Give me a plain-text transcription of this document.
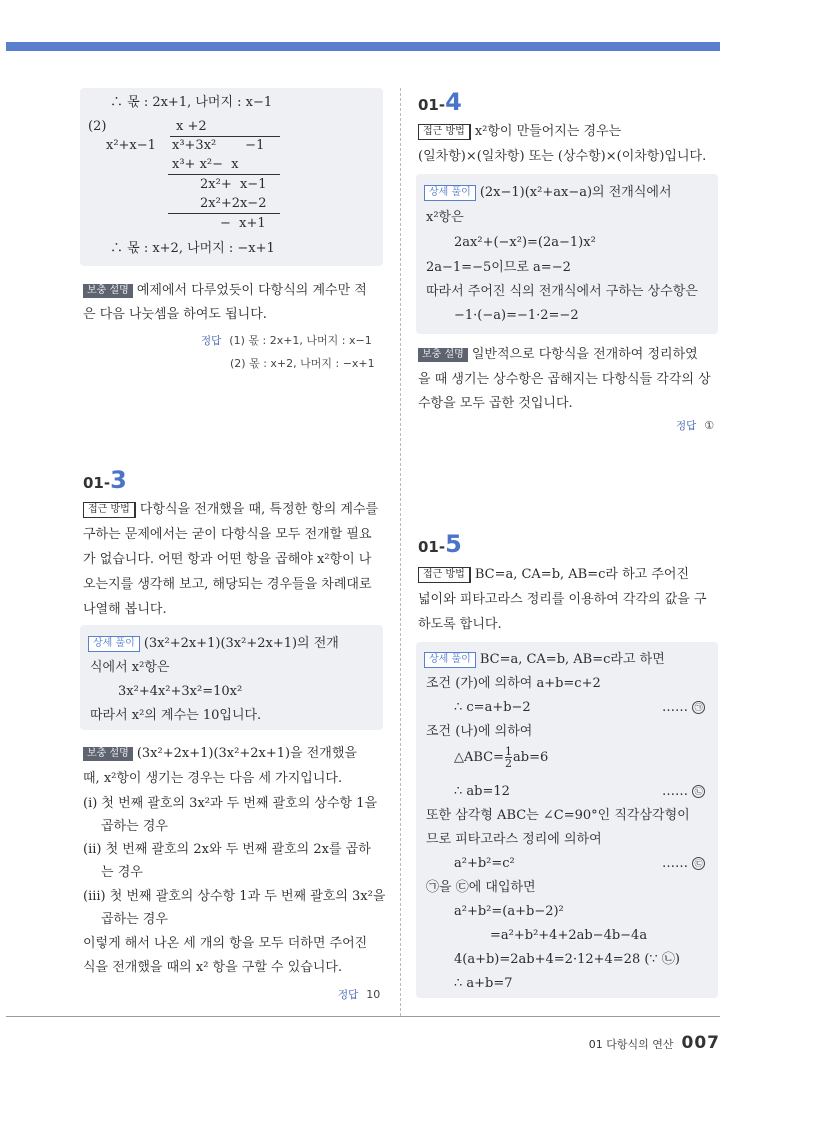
∴ 몫 : 2x+1, 나머지 : x−1
(2)	x +2
x²+x−1 x³+3x²       −1
x³+ x²−  x
2x²+  x−1
2x²+2x−2
−  x+1
∴ 몫 : x+2, 나머지 : −x+1
보충 설명 예제에서 다루었듯이 다항식의 계수만 적
은 다음 나눗셈을 하여도 됩니다.
정답 (1) 몫 : 2x+1, 나머지 : x−1
(2) 몫 : x+2, 나머지 : −x+1
01-3
접근 방법 다항식을 전개했을 때, 특정한 항의 계수를
구하는 문제에서는 굳이 다항식을 모두 전개할 필요
가 없습니다. 어떤 항과 어떤 항을 곱해야 x²항이 나
오는지를 생각해 보고, 해당되는 경우들을 차례대로
나열해 봅니다.
상세 풀이 (3x²+2x+1)(3x²+2x+1)의 전개
식에서 x²항은
3x²+4x²+3x²=10x²
따라서 x²의 계수는 10입니다.
보충 설명 (3x²+2x+1)(3x²+2x+1)을 전개했을
때, x²항이 생기는 경우는 다음 세 가지입니다.
(i) 첫 번째 괄호의 3x²과 두 번째 괄호의 상수항 1을
곱하는 경우
(ii) 첫 번째 괄호의 2x와 두 번째 괄호의 2x를 곱하
는 경우
(iii) 첫 번째 괄호의 상수항 1과 두 번째 괄호의 3x²을
곱하는 경우
이렇게 해서 나온 세 개의 항을 모두 더하면 주어진
식을 전개했을 때의 x² 항을 구할 수 있습니다.
정답 10
01-4
접근 방법 x²항이 만들어지는 경우는
(일차항)×(일차항) 또는 (상수항)×(이차항)입니다.
상세 풀이 (2x−1)(x²+ax−a)의 전개식에서
x²항은
2ax²+(−x²)=(2a−1)x²
2a−1=−5이므로 a=−2
따라서 주어진 식의 전개식에서 구하는 상수항은
−1·(−a)=−1·2=−2
보충 설명 일반적으로 다항식을 전개하여 정리하였
을 때 생기는 상수항은 곱해지는 다항식들 각각의 상
수항을 모두 곱한 것입니다.
정답 ①
01-5
접근 방법 BC=a, CA=b, AB=c라 하고 주어진
넓이와 피타고라스 정리를 이용하여 각각의 값을 구
하도록 합니다.
상세 풀이 BC=a, CA=b, AB=c라고 하면
조건 (가)에 의하여 a+b=c+2
∴ c=a+b−2	…… ㉠
조건 (나)에 의하여
△ABC= $\frac{1}{2} ab=6$
∴ ab=12	…… ㉡
또한 삼각형 ABC는 ∠C=90°인 직각삼각형이
므로 피타고라스 정리에 의하여
a²+b²=c²	…… ㉢
㉠을 ㉢에 대입하면
a²+b²=(a+b−2)²
=a²+b²+4+2ab−4b−4a
4(a+b)=2ab+4=2·12+4=28 (∵ ㉡)
∴ a+b=7
01 다항식의 연산 007
